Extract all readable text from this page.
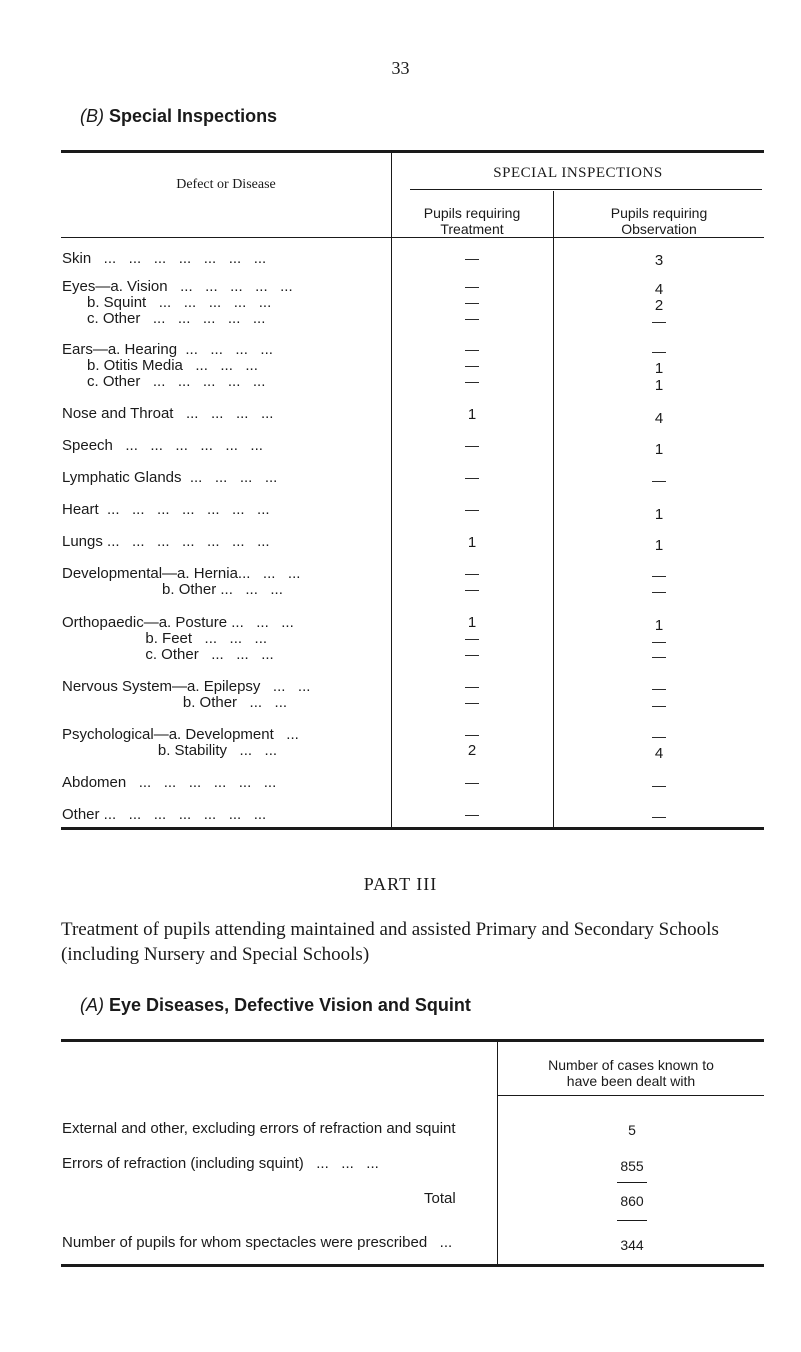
33
(B) Special Inspections
Defect or Disease
SPECIAL INSPECTIONS
Pupils requiring
Treatment
Pupils requiring
Observation
Skin   ...   ...   ...   ...   ...   ...   ...	—	3
Eyes—a. Vision   ...   ...   ...   ...   ...	—	4
b. Squint   ...   ...   ...   ...   ...	—	2
c. Other   ...   ...   ...   ...   ...	—	—
Ears—a. Hearing  ...   ...   ...   ...	—	—
b. Otitis Media   ...   ...   ...	—	1
c. Other   ...   ...   ...   ...   ...	—	1
Nose and Throat   ...   ...   ...   ...	1	4
Speech   ...   ...   ...   ...   ...   ...	—	1
Lymphatic Glands  ...   ...   ...   ...	—	—
Heart  ...   ...   ...   ...   ...   ...   ...	—	1
Lungs ...   ...   ...   ...   ...   ...   ...	1	1
Developmental—a. Hernia...   ...   ...	—	—
b. Other ...   ...   ...	—	—
Orthopaedic—a. Posture ...   ...   ...	1	1
b. Feet   ...   ...   ...	—	—
c. Other   ...   ...   ...	—	—
Nervous System—a. Epilepsy   ...   ...	—	—
b. Other   ...   ...	—	—
Psychological—a. Development   ...	—	—
b. Stability   ...   ...	2	4
Abdomen   ...   ...   ...   ...   ...   ...	—	—
Other ...   ...   ...   ...   ...   ...   ...	—	—
PART III
Treatment of pupils attending maintained and assisted Primary and Secondary Schools (including Nursery and Special Schools)
(A) Eye Diseases, Defective Vision and Squint
Number of cases known to
have been dealt with
External and other, excluding errors of refraction and squint	5
Errors of refraction (including squint)   ...   ...   ...	855
Total	860
Number of pupils for whom spectacles were prescribed   ...	344
